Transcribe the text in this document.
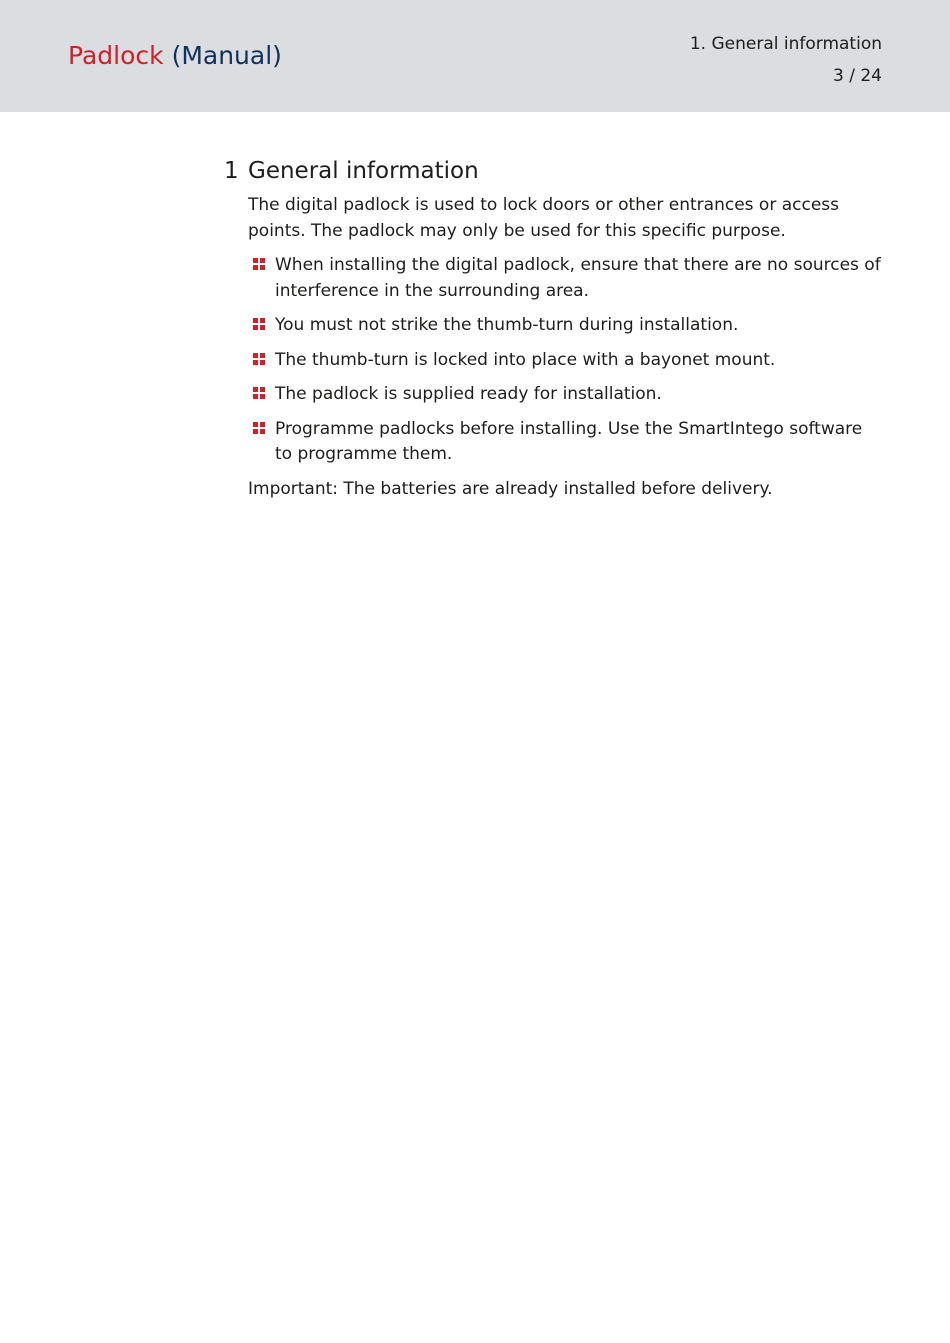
Padlock (Manual)	1. General information
3 / 24
1 General information

The digital padlock is used to lock doors or other entrances or access points. The padlock may only be used for this specific purpose.

When installing the digital padlock, ensure that there are no sources of interference in the surrounding area.
You must not strike the thumb-turn during installation.
The thumb-turn is locked into place with a bayonet mount.
The padlock is supplied ready for installation.
Programme padlocks before installing. Use the SmartIntego software to programme them.

Important: The batteries are already installed before delivery.
